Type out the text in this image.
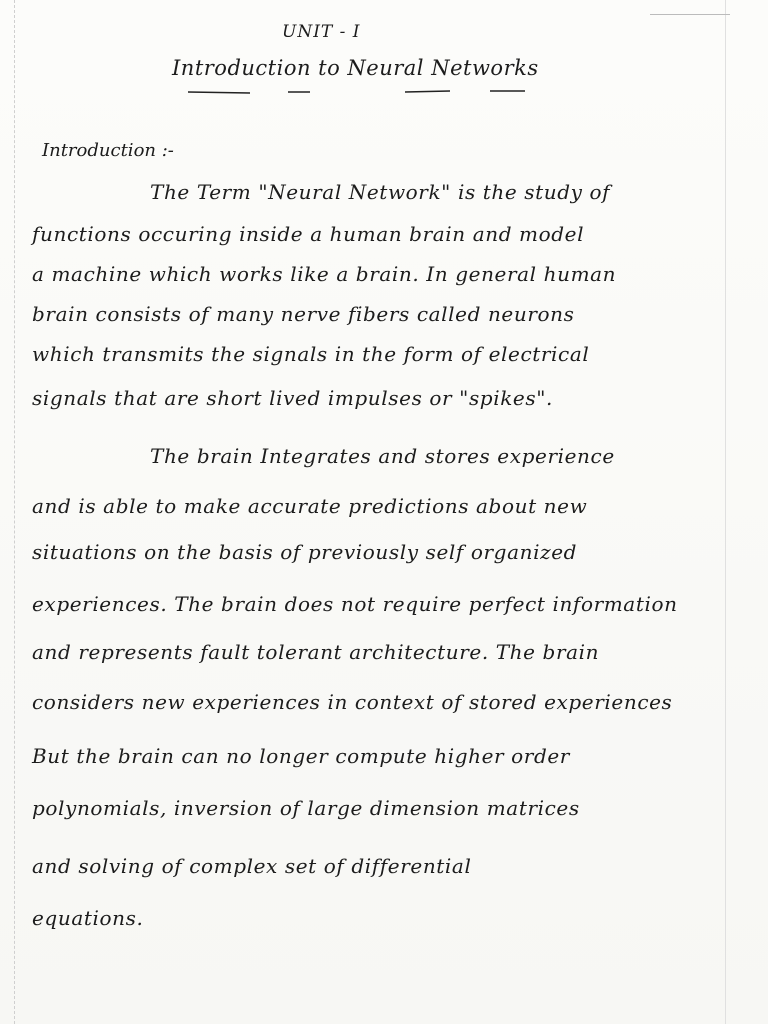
UNIT - I
Introduction to Neural Networks
Introduction :-
The Term "Neural Network" is the study of
functions occuring inside a human brain and model
a machine which works like a brain. In general human
brain consists of many nerve fibers called neurons
which transmits the signals in the form of electrical
signals that are short lived impulses or "spikes".
The brain Integrates and stores experience
and is able to make accurate predictions about new
situations on the basis of previously self organized
experiences. The brain does not require perfect information
and represents fault tolerant architecture. The brain
considers new experiences in context of stored experiences
But the brain can no longer compute higher order
polynomials, inversion of large dimension matrices
and solving of complex set of differential
equations.
